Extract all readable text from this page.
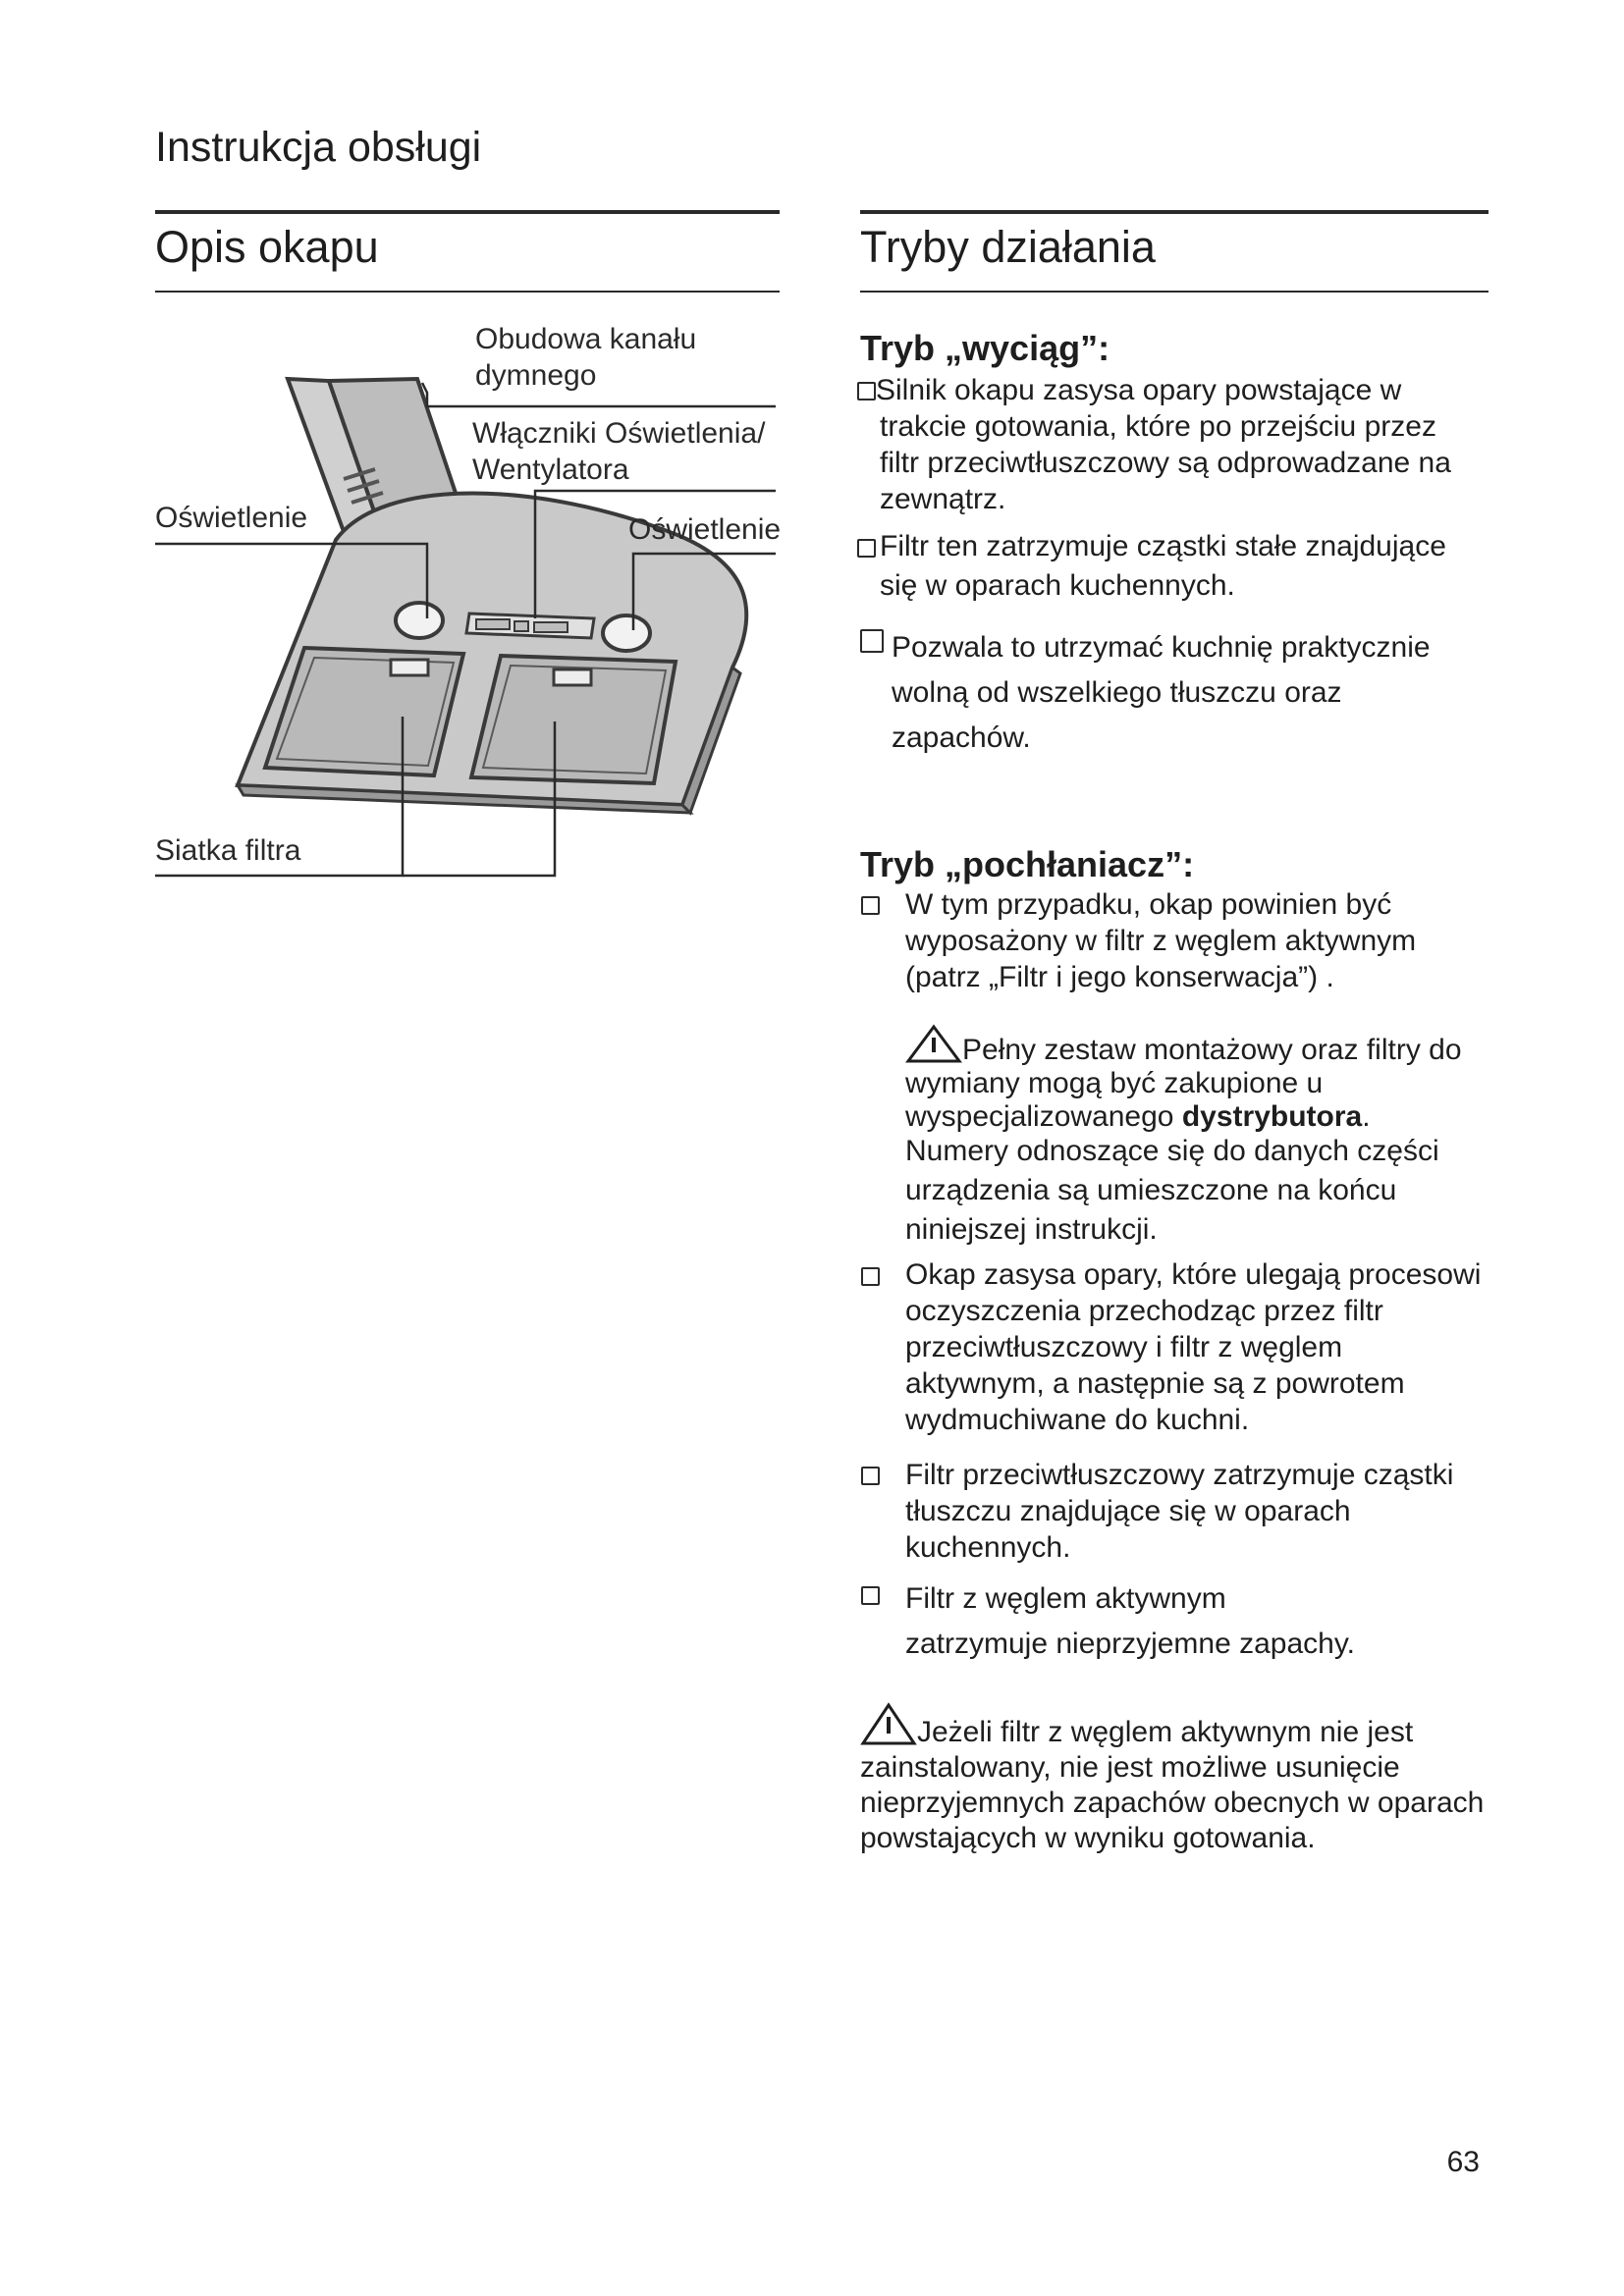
Instrukcja obsługi
Opis okapu
Obudowa kanału dymnego
Włączniki Oświetlenia/ Wentylatora
Oświetlenie	Oświetlenie
Siatka filtra
Tryby działania
Tryb „wyciąg”:
Silnik okapu zasysa opary powstające w trakcie gotowania, które po przejściu przez filtr przeciwtłuszczowy są odprowadzane na zewnątrz.
Filtr ten zatrzymuje cząstki stałe znajdujące się w oparach kuchennych.
Pozwala to utrzymać kuchnię praktycznie wolną od wszelkiego tłuszczu oraz zapachów.
Tryb „pochłaniacz”:
W tym przypadku, okap powinien być wyposażony w filtr z węglem aktywnym (patrz „Filtr i jego konserwacja”) .
Pełny zestaw montażowy oraz filtry do wymiany mogą być zakupione u wyspecjalizowanego dystrybutora.
Numery odnoszące się do danych części urządzenia są umieszczone na końcu niniejszej instrukcji.
Okap zasysa opary, które ulegają procesowi oczyszczenia przechodząc przez filtr przeciwtłuszczowy i filtr z węglem aktywnym, a następnie są z powrotem wydmuchiwane do kuchni.
Filtr przeciwtłuszczowy zatrzymuje cząstki tłuszczu znajdujące się w oparach kuchennych.
Filtr z węglem aktywnym zatrzymuje nieprzyjemne zapachy.
Jeżeli filtr z węglem aktywnym nie jest zainstalowany, nie jest możliwe usunięcie nieprzyjemnych zapachów obecnych w oparach powstających w wyniku gotowania.
63
